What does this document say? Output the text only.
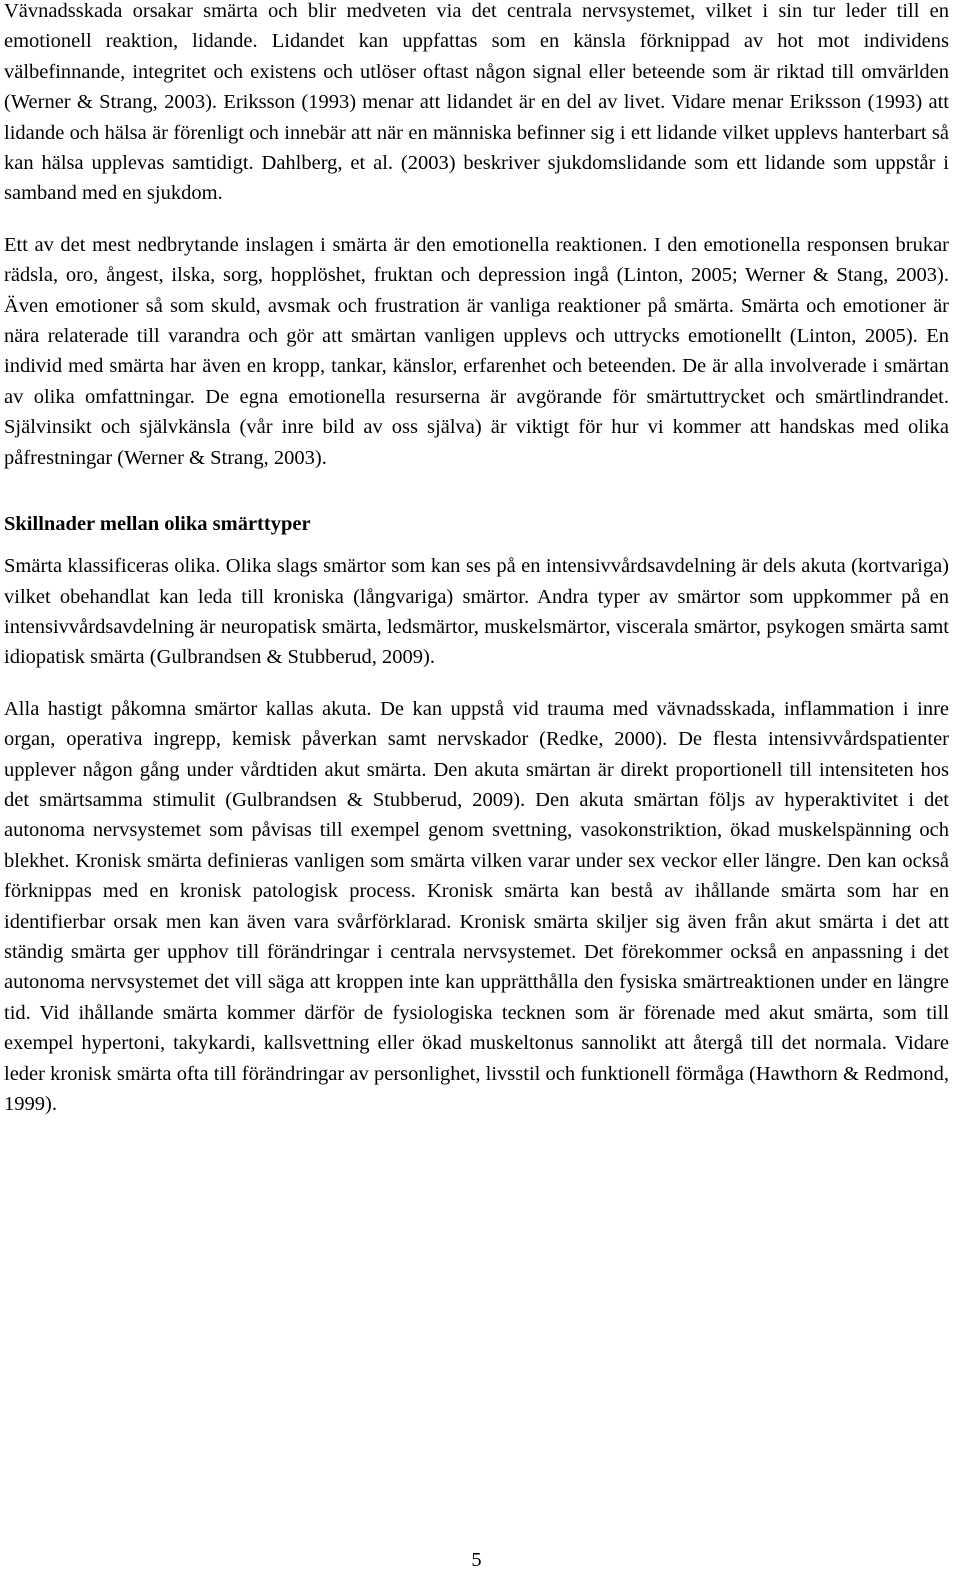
Vävnadsskada orsakar smärta och blir medveten via det centrala nervsystemet, vilket i sin tur leder till en emotionell reaktion, lidande. Lidandet kan uppfattas som en känsla förknippad av hot mot individens välbefinnande, integritet och existens och utlöser oftast någon signal eller beteende som är riktad till omvärlden (Werner & Strang, 2003). Eriksson (1993) menar att lidandet är en del av livet. Vidare menar Eriksson (1993) att lidande och hälsa är förenligt och innebär att när en människa befinner sig i ett lidande vilket upplevs hanterbart så kan hälsa upplevas samtidigt. Dahlberg, et al. (2003) beskriver sjukdomslidande som ett lidande som uppstår i samband med en sjukdom.

Ett av det mest nedbrytande inslagen i smärta är den emotionella reaktionen. I den emotionella responsen brukar rädsla, oro, ångest, ilska, sorg, hopplöshet, fruktan och depression ingå (Linton, 2005; Werner & Stang, 2003). Även emotioner så som skuld, avsmak och frustration är vanliga reaktioner på smärta. Smärta och emotioner är nära relaterade till varandra och gör att smärtan vanligen upplevs och uttrycks emotionellt (Linton, 2005). En individ med smärta har även en kropp, tankar, känslor, erfarenhet och beteenden. De är alla involverade i smärtan av olika omfattningar. De egna emotionella resurserna är avgörande för smärtuttrycket och smärtlindrandet. Självinsikt och självkänsla (vår inre bild av oss själva) är viktigt för hur vi kommer att handskas med olika påfrestningar (Werner & Strang, 2003).

Skillnader mellan olika smärttyper

Smärta klassificeras olika. Olika slags smärtor som kan ses på en intensivvårdsavdelning är dels akuta (kortvariga) vilket obehandlat kan leda till kroniska (långvariga) smärtor. Andra typer av smärtor som uppkommer på en intensivvårdsavdelning är neuropatisk smärta, ledsmärtor, muskelsmärtor, viscerala smärtor, psykogen smärta samt idiopatisk smärta (Gulbrandsen & Stubberud, 2009).

Alla hastigt påkomna smärtor kallas akuta. De kan uppstå vid trauma med vävnadsskada, inflammation i inre organ, operativa ingrepp, kemisk påverkan samt nervskador (Redke, 2000). De flesta intensivvårdspatienter upplever någon gång under vårdtiden akut smärta. Den akuta smärtan är direkt proportionell till intensiteten hos det smärtsamma stimulit (Gulbrandsen & Stubberud, 2009). Den akuta smärtan följs av hyperaktivitet i det autonoma nervsystemet som påvisas till exempel genom svettning, vasokonstriktion, ökad muskelspänning och blekhet. Kronisk smärta definieras vanligen som smärta vilken varar under sex veckor eller längre. Den kan också förknippas med en kronisk patologisk process. Kronisk smärta kan bestå av ihållande smärta som har en identifierbar orsak men kan även vara svårförklarad. Kronisk smärta skiljer sig även från akut smärta i det att ständig smärta ger upphov till förändringar i centrala nervsystemet. Det förekommer också en anpassning i det autonoma nervsystemet det vill säga att kroppen inte kan upprätthålla den fysiska smärtreaktionen under en längre tid. Vid ihållande smärta kommer därför de fysiologiska tecknen som är förenade med akut smärta, som till exempel hypertoni, takykardi, kallsvettning eller ökad muskeltonus sannolikt att återgå till det normala. Vidare leder kronisk smärta ofta till förändringar av personlighet, livsstil och funktionell förmåga (Hawthorn & Redmond, 1999).

5
